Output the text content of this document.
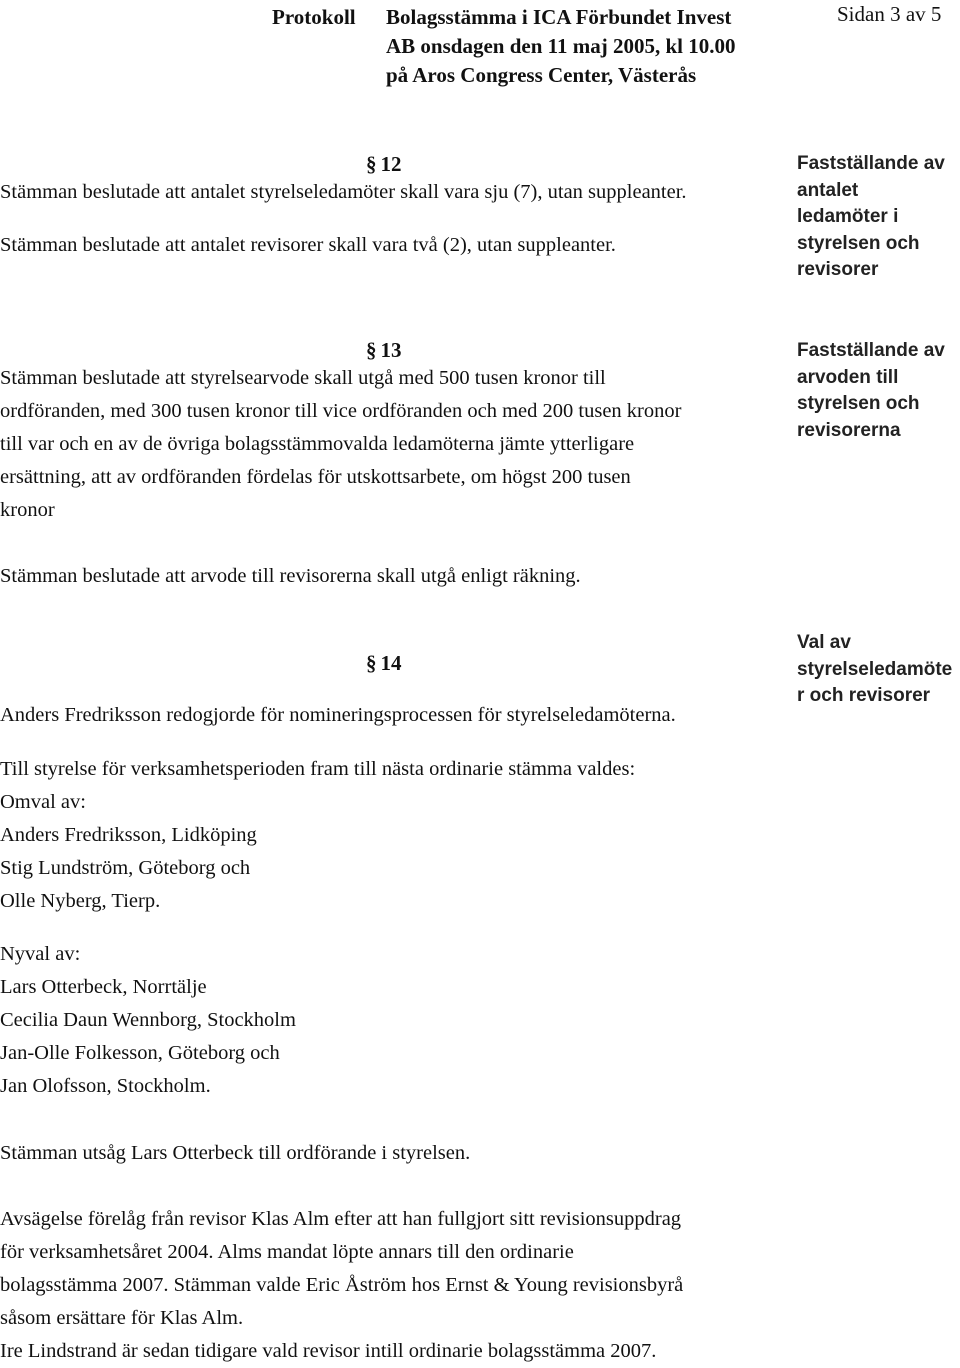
Protokoll Bolagsstämma i ICA Förbundet Invest
AB onsdagen den 11 maj 2005, kl 10.00
på Aros Congress Center, Västerås
Sidan 3 av 5
§ 12
Stämman beslutade att antalet styrelseledamöter skall vara sju (7), utan suppleanter.
Stämman beslutade att antalet revisorer skall vara två (2), utan suppleanter.
Fastställande av
antalet
ledamöter i
styrelsen och
revisorer
§ 13
Stämman beslutade att styrelsearvode skall utgå med 500 tusen kronor till
ordföranden, med 300 tusen kronor till vice ordföranden och med 200 tusen kronor
till var och en av de övriga bolagsstämmovalda ledamöterna jämte ytterligare
ersättning, att av ordföranden fördelas för utskottsarbete, om högst 200 tusen
kronor
Stämman beslutade att arvode till revisorerna skall utgå enligt räkning.
Fastställande av
arvoden till
styrelsen och
revisorerna
§ 14
Anders Fredriksson redogjorde för nomineringsprocessen för styrelseledamöterna.
Val av
styrelseledamöte
r och revisorer
Till styrelse för verksamhetsperioden fram till nästa ordinarie stämma valdes:
Omval av:
Anders Fredriksson, Lidköping
Stig Lundström, Göteborg och
Olle Nyberg, Tierp.
Nyval av:
Lars Otterbeck, Norrtälje
Cecilia Daun Wennborg, Stockholm
Jan-Olle Folkesson, Göteborg och
Jan Olofsson, Stockholm.
Stämman utsåg Lars Otterbeck till ordförande i styrelsen.
Avsägelse förelåg från revisor Klas Alm efter att han fullgjort sitt revisionsuppdrag
för verksamhetsåret 2004. Alms mandat löpte annars till den ordinarie
bolagsstämma 2007. Stämman valde Eric Åström hos Ernst & Young revisionsbyrå
såsom ersättare för Klas Alm.
Ire Lindstrand är sedan tidigare vald revisor intill ordinarie bolagsstämma 2007.
